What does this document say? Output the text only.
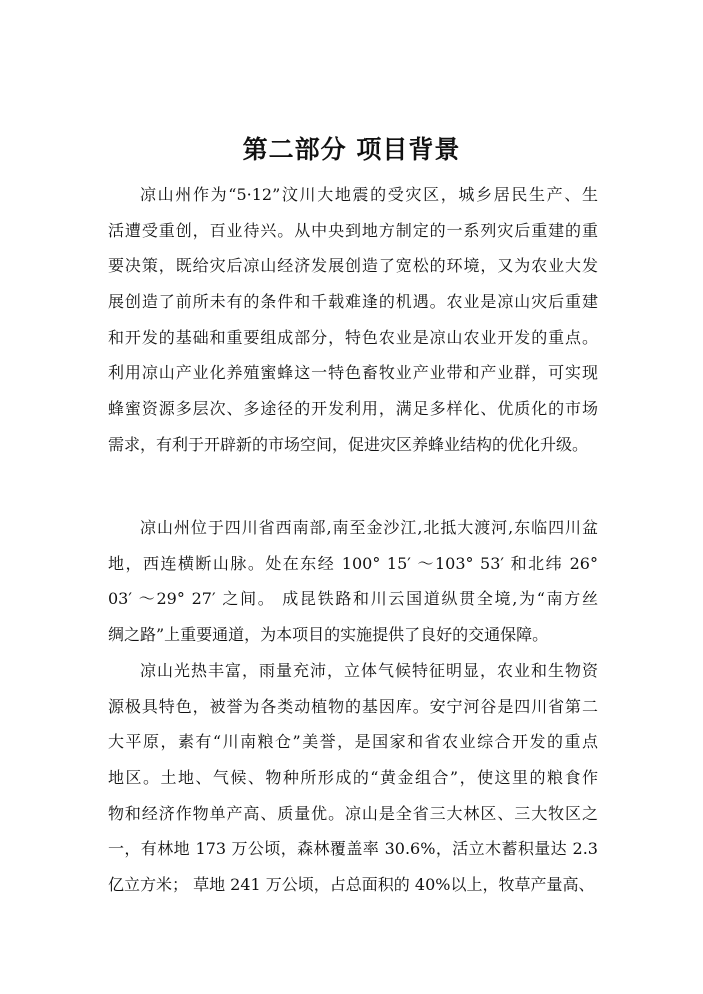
第二部分 项目背景
凉山州作为“5·12”汶川大地震的受灾区，城乡居民生产、生
活遭受重创，百业待兴。从中央到地方制定的一系列灾后重建的重
要决策，既给灾后凉山经济发展创造了宽松的环境，又为农业大发
展创造了前所未有的条件和千载难逢的机遇。农业是凉山灾后重建
和开发的基础和重要组成部分，特色农业是凉山农业开发的重点。
利用凉山产业化养殖蜜蜂这一特色畜牧业产业带和产业群，可实现
蜂蜜资源多层次、多途径的开发利用，满足多样化、优质化的市场
需求，有利于开辟新的市场空间，促进灾区养蜂业结构的优化升级。
凉山州位于四川省西南部,南至金沙江,北抵大渡河,东临四川盆
地，西连横断山脉。处在东经 100° 15′ ～103° 53′ 和北纬 26°
03′ ～29° 27′ 之间。 成昆铁路和川云国道纵贯全境,为“南方丝
绸之路”上重要通道，为本项目的实施提供了良好的交通保障。
凉山光热丰富，雨量充沛，立体气候特征明显，农业和生物资
源极具特色，被誉为各类动植物的基因库。安宁河谷是四川省第二
大平原，素有“川南粮仓”美誉，是国家和省农业综合开发的重点
地区。土地、气候、物种所形成的“黄金组合”，使这里的粮食作
物和经济作物单产高、质量优。凉山是全省三大林区、三大牧区之
一，有林地 173 万公顷，森林覆盖率 30.6%，活立木蓄积量达 2.3
亿立方米； 草地 241 万公顷，占总面积的 40%以上，牧草产量高、
